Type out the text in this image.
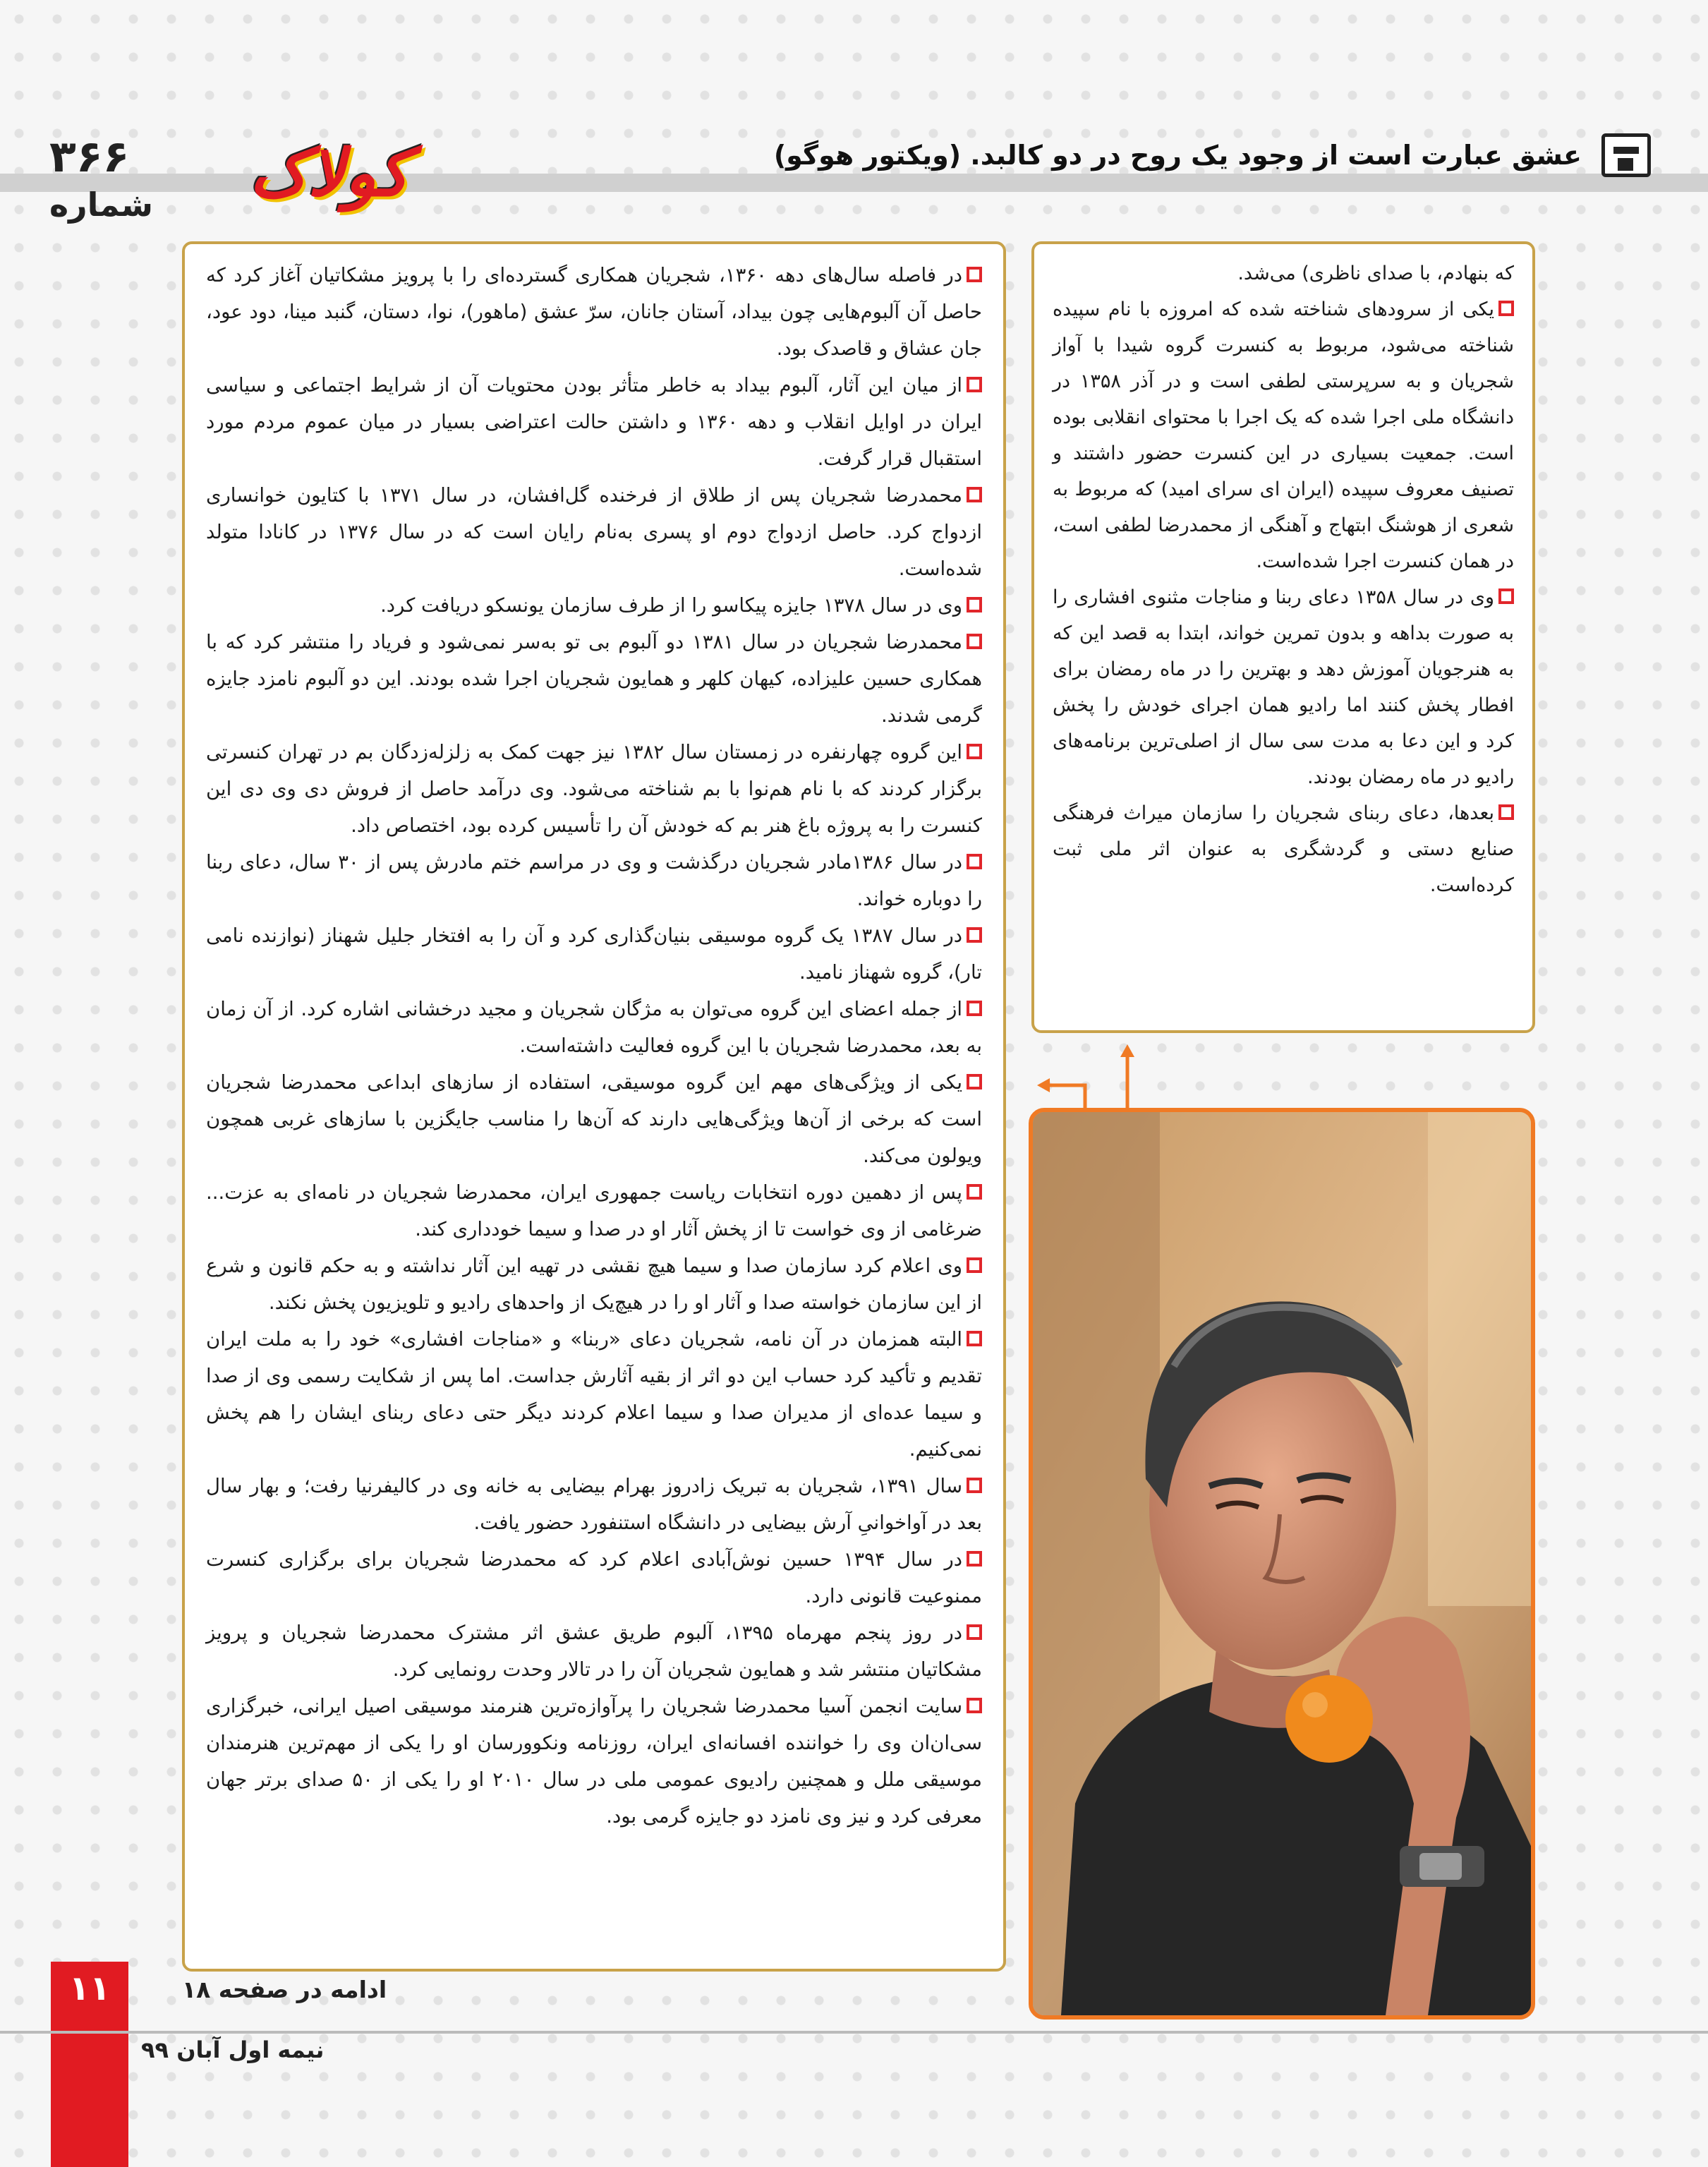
عشق عبارت است از وجود یک روح در دو کالبد. (ویکتور هوگو)
۳۶۶
شماره	کولاک

که بنهادم، با صدای ناظری) می‌شد.

یکی از سرودهای شناخته شده که امروزه با نام سپیده شناخته می‌شود، مربوط به کنسرت گروه شیدا با آواز شجریان و به سرپرستی لطفی است و در آذر ۱۳۵۸ در دانشگاه ملی اجرا شده که یک اجرا با محتوای انقلابی بوده است. جمعیت بسیاری در این کنسرت حضور داشتند و تصنیف معروف سپیده (ایران ای سرای امید) که مربوط به شعری از هوشنگ ابتهاج و آهنگی از محمدرضا لطفی است، در همان کنسرت اجرا شده‌است.

وی در سال ۱۳۵۸ دعای ربنا و مناجات مثنوی افشاری را به صورت بداهه و بدون تمرین خواند، ابتدا به قصد این که به هنرجویان آموزش دهد و بهترین را در ماه رمضان برای افطار پخش کنند اما رادیو همان اجرای خودش را پخش کرد و این دعا به مدت سی سال از اصلی‌ترین برنامه‌های رادیو در ماه رمضان بودند.

بعدها، دعای ربنای شجریان را سازمان میراث فرهنگی صنایع دستی و گردشگری به عنوان اثر ملی ثبت کرده‌است.

در فاصله سال‌های دهه ۱۳۶۰، شجریان همکاری گسترده‌ای را با پرویز مشکاتیان آغاز کرد که حاصل آن آلبوم‌هایی چون بیداد، آستان جانان، سرّ عشق (ماهور)، نوا، دستان، گنبد مینا، دود عود، جان عشاق و قاصدک بود.

از میان این آثار، آلبوم بیداد به خاطر متأثر بودن محتویات آن از شرایط اجتماعی و سیاسی ایران در اوایل انقلاب و دهه ۱۳۶۰ و داشتن حالت اعتراضی بسیار در میان عموم مردم مورد استقبال قرار گرفت.

محمدرضا شجریان پس از طلاق از فرخنده گل‌افشان، در سال ۱۳۷۱ با کتایون خوانساری ازدواج کرد. حاصل ازدواج دوم او پسری به‌نام رایان است که در سال ۱۳۷۶ در کانادا متولد شده‌است.

وی در سال ۱۳۷۸ جایزه پیکاسو را از طرف سازمان یونسکو دریافت کرد.

محمدرضا شجریان در سال ۱۳۸۱ دو آلبوم بی تو به‌سر نمی‌شود و فریاد را منتشر کرد که با همکاری حسین علیزاده، کیهان کلهر و همایون شجریان اجرا شده بودند. این دو آلبوم نامزد جایزه گرمی شدند.

این گروه چهارنفره در زمستان سال ۱۳۸۲ نیز جهت کمک به زلزله‌زدگان بم در تهران کنسرتی برگزار کردند که با نام هم‌نوا با بم شناخته می‌شود. وی درآمد حاصل از فروش دی وی دی این کنسرت را به پروژه باغ هنر بم که خودش آن را تأسیس کرده بود، اختصاص داد.

در سال ۱۳۸۶مادر شجریان درگذشت و وی در مراسم ختم مادرش پس از ۳۰ سال، دعای ربنا را دوباره خواند.

در سال ۱۳۸۷ یک گروه موسیقی بنیان‌گذاری کرد و آن را به افتخار جلیل شهناز (نوازنده نامی تار)، گروه شهناز نامید.

از جمله اعضای این گروه می‌توان به مژگان شجریان و مجید درخشانی اشاره کرد. از آن زمان به بعد، محمدرضا شجریان با این گروه فعالیت داشته‌است.

یکی از ویژگی‌های مهم این گروه موسیقی، استفاده از سازهای ابداعی محمدرضا شجریان است که برخی از آن‌ها ویژگی‌هایی دارند که آن‌ها را مناسب جایگزین با سازهای غربی همچون ویولون می‌کند.

پس از دهمین دوره انتخابات ریاست جمهوری ایران، محمدرضا شجریان در نامه‌ای به عزت‌... ضرغامی از وی خواست تا از پخش آثار او در صدا و سیما خودداری کند.

وی اعلام کرد سازمان صدا و سیما هیچ نقشی در تهیه این آثار نداشته و به حکم قانون و شرع از این سازمان خواسته صدا و آثار او را در هیچ‌یک از واحدهای رادیو و تلویزیون پخش نکند.

البته همزمان در آن نامه، شجریان دعای «ربنا» و «مناجات افشاری» خود را به ملت ایران تقدیم و تأکید کرد حساب این دو اثر از بقیه آثارش جداست. اما پس از شکایت رسمی وی از صدا و سیما عده‌ای از مدیران صدا و سیما اعلام کردند دیگر حتی دعای ربنای ایشان را هم پخش نمی‌کنیم.

سال ۱۳۹۱، شجریان به تبریک زادروز بهرام بیضایی به خانه وی در کالیفرنیا رفت؛ و بهار سال بعد در آواخوانیِ آرش بیضایی در دانشگاه استنفورد حضور یافت.

در سال ۱۳۹۴ حسین نوش‌آبادی اعلام کرد که محمدرضا شجریان برای برگزاری کنسرت ممنوعیت قانونی دارد.

در روز پنجم مهرماه ۱۳۹۵، آلبوم طریق عشق اثر مشترک محمدرضا شجریان و پرویز مشکاتیان منتشر شد و همایون شجریان آن را در تالار وحدت رونمایی کرد.

سایت انجمن آسیا محمدرضا شجریان را پرآوازه‌ترین هنرمند موسیقی اصیل ایرانی، خبرگزاری سی‌ان‌ان وی را خواننده افسانه‌ای ایران، روزنامه ونکوورسان او را یکی از مهم‌ترین هنرمندان موسیقی ملل و همچنین رادیوی عمومی ملی در سال ۲۰۱۰ او را یکی از ۵۰ صدای برتر جهان معرفی کرد و نیز وی نامزد دو جایزه گرمی بود.

ادامه در صفحه ۱۸
۱۱
نیمه اول آبان ۹۹
